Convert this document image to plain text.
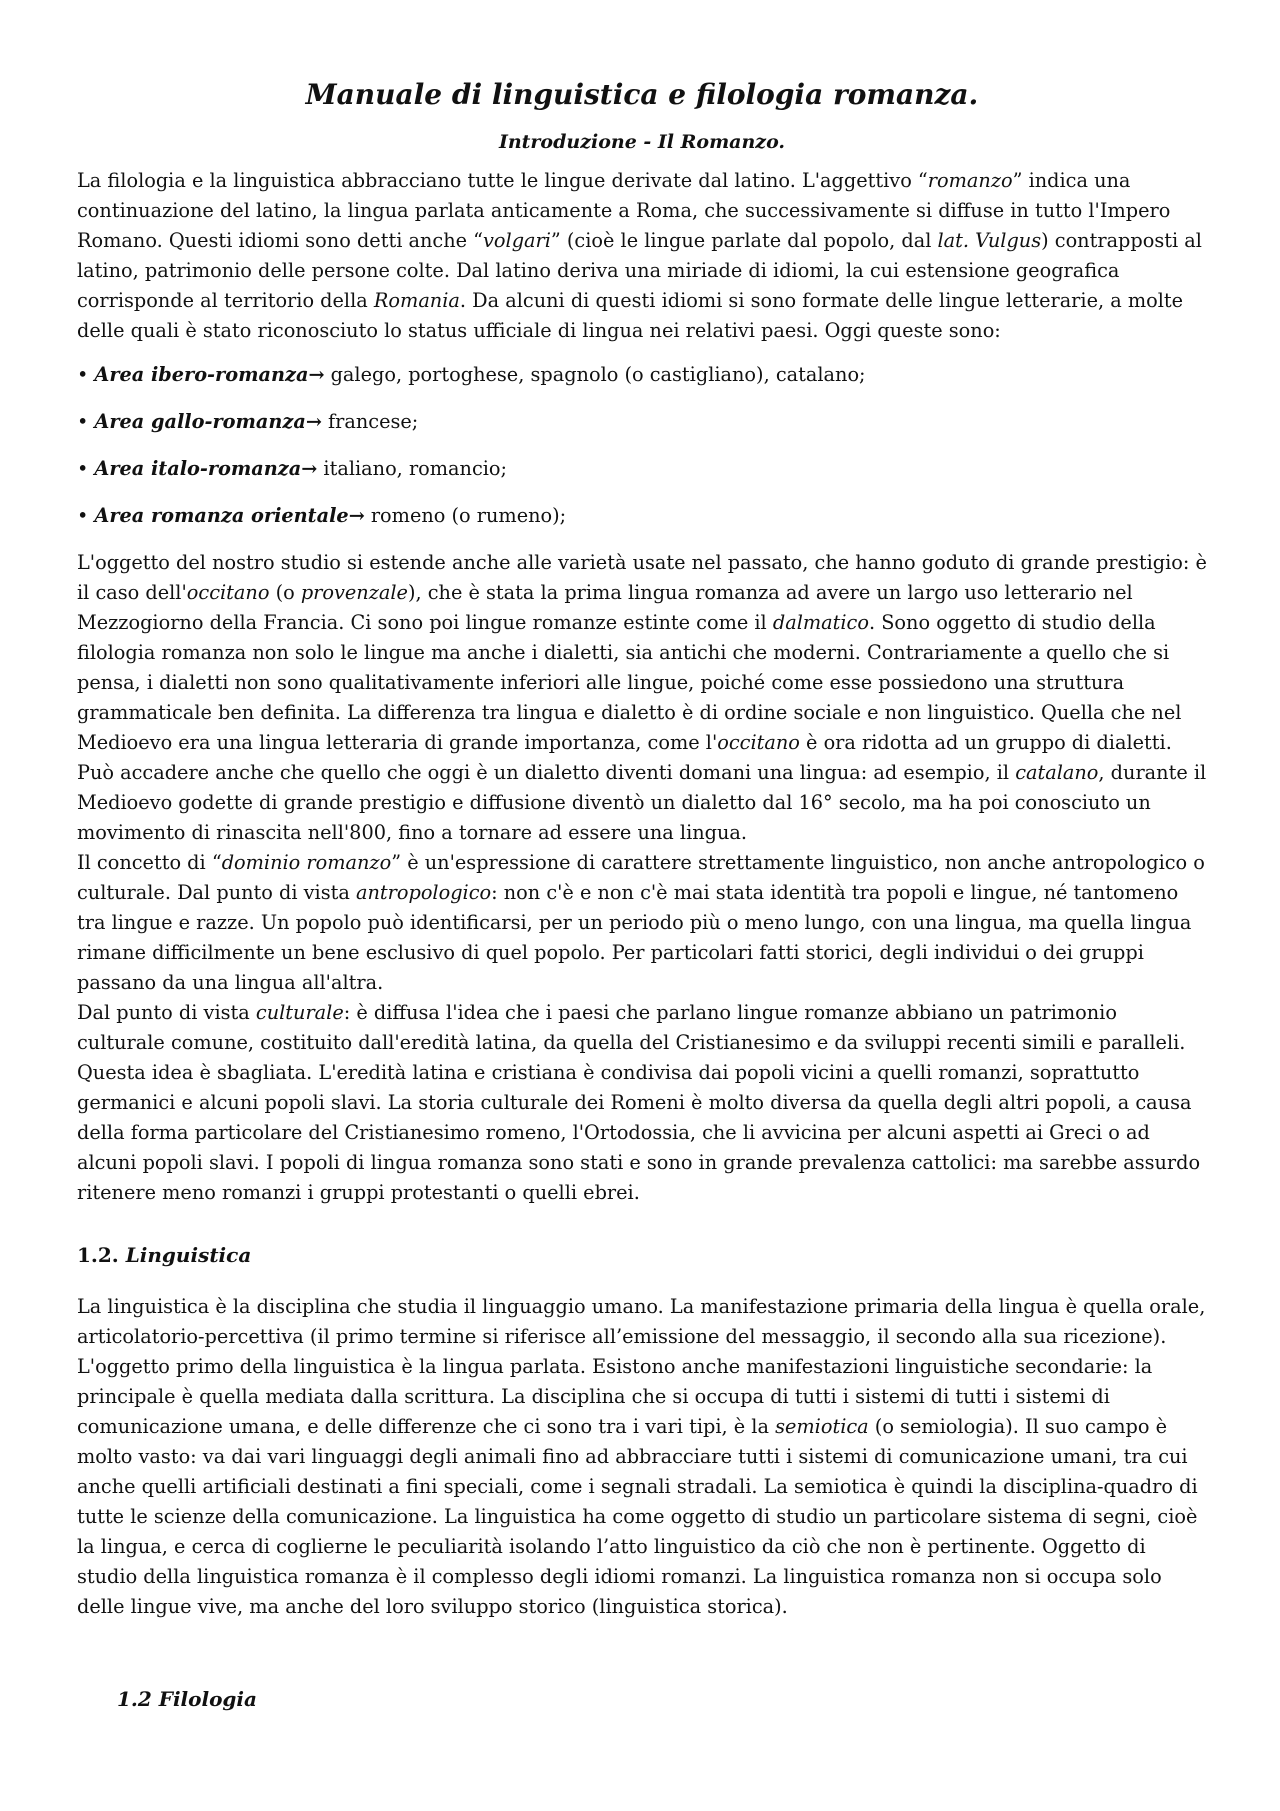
Manuale di linguistica e filologia romanza.
Introduzione - Il Romanzo.

La filologia e la linguistica abbracciano tutte le lingue derivate dal latino. L'aggettivo “romanzo” indica una continuazione del latino, la lingua parlata anticamente a Roma, che successivamente si diffuse in tutto l'Impero Romano. Questi idiomi sono detti anche “volgari” (cioè le lingue parlate dal popolo, dal lat. Vulgus) contrapposti al latino, patrimonio delle persone colte. Dal latino deriva una miriade di idiomi, la cui estensione geografica corrisponde al territorio della Romania. Da alcuni di questi idiomi si sono formate delle lingue letterarie, a molte delle quali è stato riconosciuto lo status ufficiale di lingua nei relativi paesi. Oggi queste sono:

• Area ibero-romanza→ galego, portoghese, spagnolo (o castigliano), catalano;
• Area gallo-romanza→ francese;
• Area italo-romanza→ italiano, romancio;
• Area romanza orientale→ romeno (o rumeno);

L'oggetto del nostro studio si estende anche alle varietà usate nel passato, che hanno goduto di grande prestigio: è il caso dell'occitano (o provenzale), che è stata la prima lingua romanza ad avere un largo uso letterario nel Mezzogiorno della Francia. Ci sono poi lingue romanze estinte come il dalmatico. Sono oggetto di studio della filologia romanza non solo le lingue ma anche i dialetti, sia antichi che moderni. Contrariamente a quello che si pensa, i dialetti non sono qualitativamente inferiori alle lingue, poiché come esse possiedono una struttura grammaticale ben definita. La differenza tra lingua e dialetto è di ordine sociale e non linguistico. Quella che nel Medioevo era una lingua letteraria di grande importanza, come l'occitano è ora ridotta ad un gruppo di dialetti. Può accadere anche che quello che oggi è un dialetto diventi domani una lingua: ad esempio, il catalano, durante il Medioevo godette di grande prestigio e diffusione diventò un dialetto dal 16° secolo, ma ha poi conosciuto un movimento di rinascita nell'800, fino a tornare ad essere una lingua.

Il concetto di “dominio romanzo” è un'espressione di carattere strettamente linguistico, non anche antropologico o culturale. Dal punto di vista antropologico: non c'è e non c'è mai stata identità tra popoli e lingue, né tantomeno tra lingue e razze. Un popolo può identificarsi, per un periodo più o meno lungo, con una lingua, ma quella lingua rimane difficilmente un bene esclusivo di quel popolo. Per particolari fatti storici, degli individui o dei gruppi passano da una lingua all'altra.

Dal punto di vista culturale: è diffusa l'idea che i paesi che parlano lingue romanze abbiano un patrimonio culturale comune, costituito dall'eredità latina, da quella del Cristianesimo e da sviluppi recenti simili e paralleli. Questa idea è sbagliata. L'eredità latina e cristiana è condivisa dai popoli vicini a quelli romanzi, soprattutto germanici e alcuni popoli slavi. La storia culturale dei Romeni è molto diversa da quella degli altri popoli, a causa della forma particolare del Cristianesimo romeno, l'Ortodossia, che li avvicina per alcuni aspetti ai Greci o ad alcuni popoli slavi. I popoli di lingua romanza sono stati e sono in grande prevalenza cattolici: ma sarebbe assurdo ritenere meno romanzi i gruppi protestanti o quelli ebrei.

1.2. Linguistica

La linguistica è la disciplina che studia il linguaggio umano. La manifestazione primaria della lingua è quella orale, articolatorio-percettiva (il primo termine si riferisce all’emissione del messaggio, il secondo alla sua ricezione). L'oggetto primo della linguistica è la lingua parlata. Esistono anche manifestazioni linguistiche secondarie: la principale è quella mediata dalla scrittura. La disciplina che si occupa di tutti i sistemi di tutti i sistemi di comunicazione umana, e delle differenze che ci sono tra i vari tipi, è la semiotica (o semiologia). Il suo campo è molto vasto: va dai vari linguaggi degli animali fino ad abbracciare tutti i sistemi di comunicazione umani, tra cui anche quelli artificiali destinati a fini speciali, come i segnali stradali. La semiotica è quindi la disciplina-quadro di tutte le scienze della comunicazione. La linguistica ha come oggetto di studio un particolare sistema di segni, cioè la lingua, e cerca di coglierne le peculiarità isolando l’atto linguistico da ciò che non è pertinente. Oggetto di studio della linguistica romanza è il complesso degli idiomi romanzi. La linguistica romanza non si occupa solo delle lingue vive, ma anche del loro sviluppo storico (linguistica storica).

1.2 Filologia
